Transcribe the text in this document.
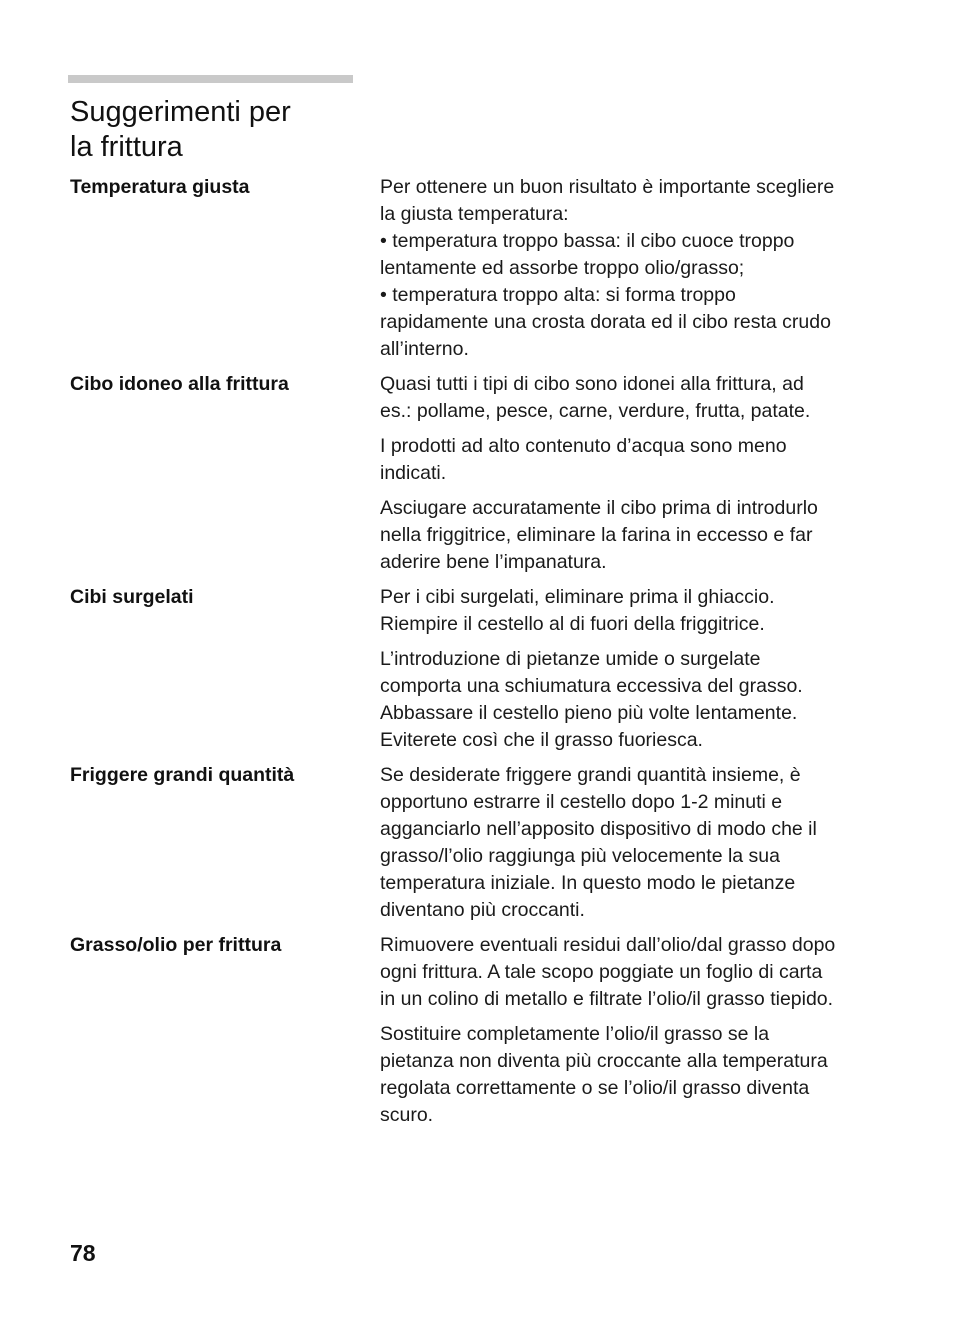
Suggerimenti per
la frittura
Temperatura giusta	Per ottenere un buon risultato è importante scegliere
la giusta temperatura:
• temperatura troppo bassa: il cibo cuoce troppo
lentamente ed assorbe troppo olio/grasso;
• temperatura troppo alta: si forma troppo
rapidamente una crosta dorata ed il cibo resta crudo
all’interno.

Cibo idoneo alla frittura	Quasi tutti i tipi di cibo sono idonei alla frittura, ad
es.: pollame, pesce, carne, verdure, frutta, patate.

I prodotti ad alto contenuto d’acqua sono meno
indicati.

Asciugare accuratamente il cibo prima di introdurlo
nella friggitrice, eliminare la farina in eccesso e far
aderire bene l’impanatura.

Cibi surgelati	Per i cibi surgelati, eliminare prima il ghiaccio.
Riempire il cestello al di fuori della friggitrice.

L’introduzione di pietanze umide o surgelate
comporta una schiumatura eccessiva del grasso.
Abbassare il cestello pieno più volte lentamente.
Eviterete così che il grasso fuoriesca.

Friggere grandi quantità	Se desiderate friggere grandi quantità insieme, è
opportuno estrarre il cestello dopo 1-2 minuti e
agganciarlo nell’apposito dispositivo di modo che il
grasso/l’olio raggiunga più velocemente la sua
temperatura iniziale. In questo modo le pietanze
diventano più croccanti.

Grasso/olio per frittura	Rimuovere eventuali residui dall’olio/dal grasso dopo
ogni frittura. A tale scopo poggiate un foglio di carta
in un colino di metallo e filtrate l’olio/il grasso tiepido.

Sostituire completamente l’olio/il grasso se la
pietanza non diventa più croccante alla temperatura
regolata correttamente o se l’olio/il grasso diventa
scuro.

78
